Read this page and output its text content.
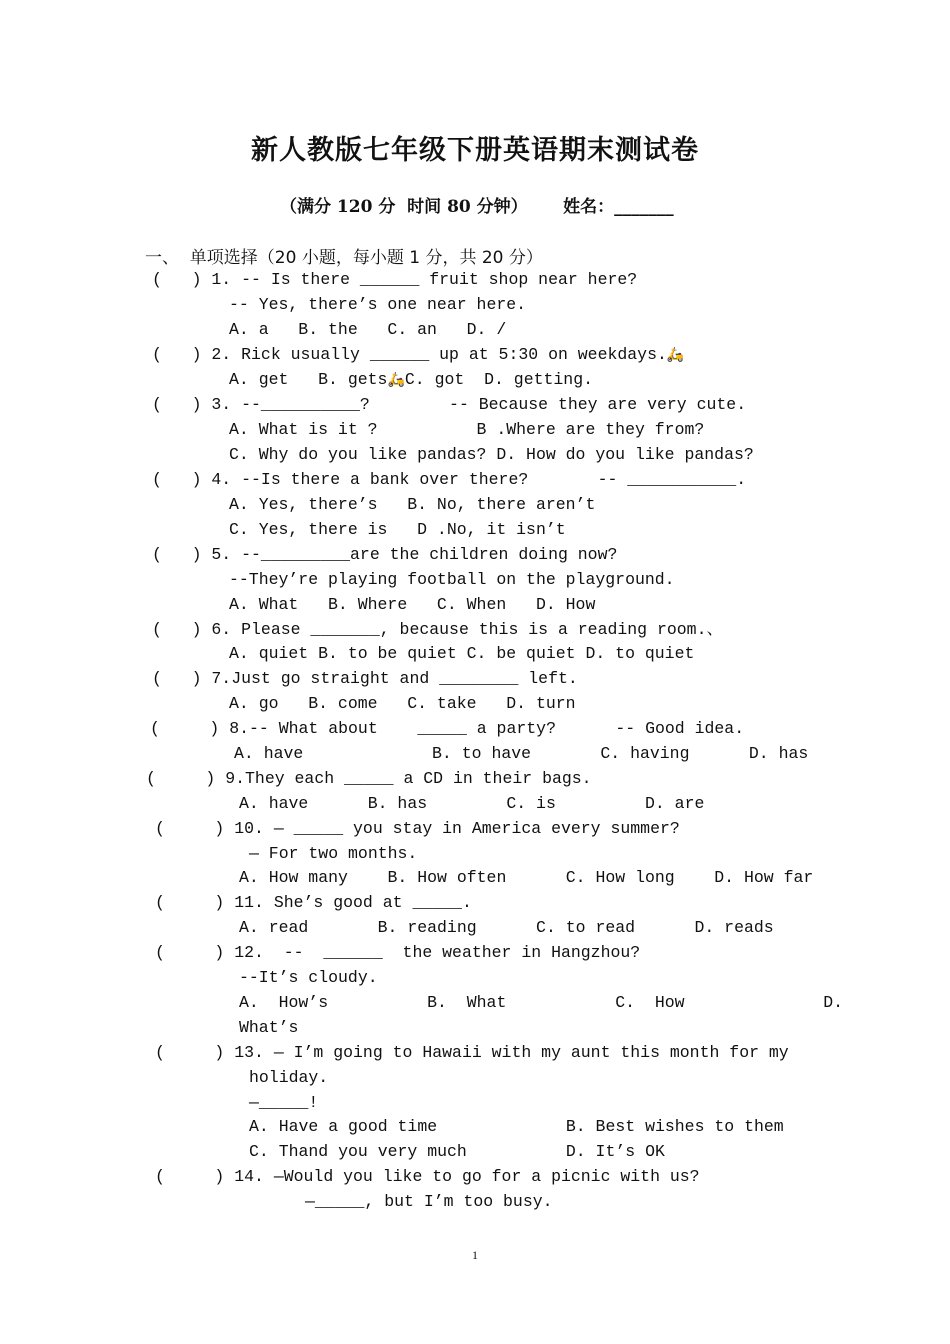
新人教版七年级下册英语期末测试卷
（满分 120 分  时间 80 分钟） 姓名：_______
一、  单项选择（20 小题，每小题 1 分，共 20 分）
(   ) 1. -- Is there ______ fruit shop near here?
-- Yes, there’s one near here.
A. a   B. the   C. an   D. /
(   ) 2. Rick usually ______ up at 5:30 on weekdays.🛵
A. get   B. gets🛵C. got  D. getting.
(   ) 3. --__________?        -- Because they are very cute.
A. What is it ?          B .Where are they from?
C. Why do you like pandas? D. How do you like pandas?
(   ) 4. --Is there a bank over there?       -- ___________.
A. Yes, there’s   B. No, there aren’t
C. Yes, there is   D .No, it isn’t
(   ) 5. --_________are the children doing now?
--They’re playing football on the playground.
A. What   B. Where   C. When   D. How
(   ) 6. Please _______, because this is a reading room.、
A. quiet B. to be quiet C. be quiet D. to quiet
(   ) 7.Just go straight and ________ left.
A. go   B. come   C. take   D. turn
(     ) 8.-- What about    _____ a party?      -- Good idea.
A. have             B. to have       C. having      D. has
(     ) 9.They each _____ a CD in their bags.
A. have      B. has        C. is         D. are
(     ) 10. — _____ you stay in America every summer?
— For two months.
A. How many    B. How often      C. How long    D. How far
(     ) 11. She’s good at _____.
A. read       B. reading      C. to read      D. reads
(     ) 12.  --  ______  the weather in Hangzhou?
--It’s cloudy.
A.  How’s          B.  What           C.  How              D.
What’s
(     ) 13. — I’m going to Hawaii with my aunt this month for my
holiday.
—_____!
A. Have a good time             B. Best wishes to them
C. Thand you very much          D. It’s OK
(     ) 14. —Would you like to go for a picnic with us?
—_____, but I’m too busy.
1
